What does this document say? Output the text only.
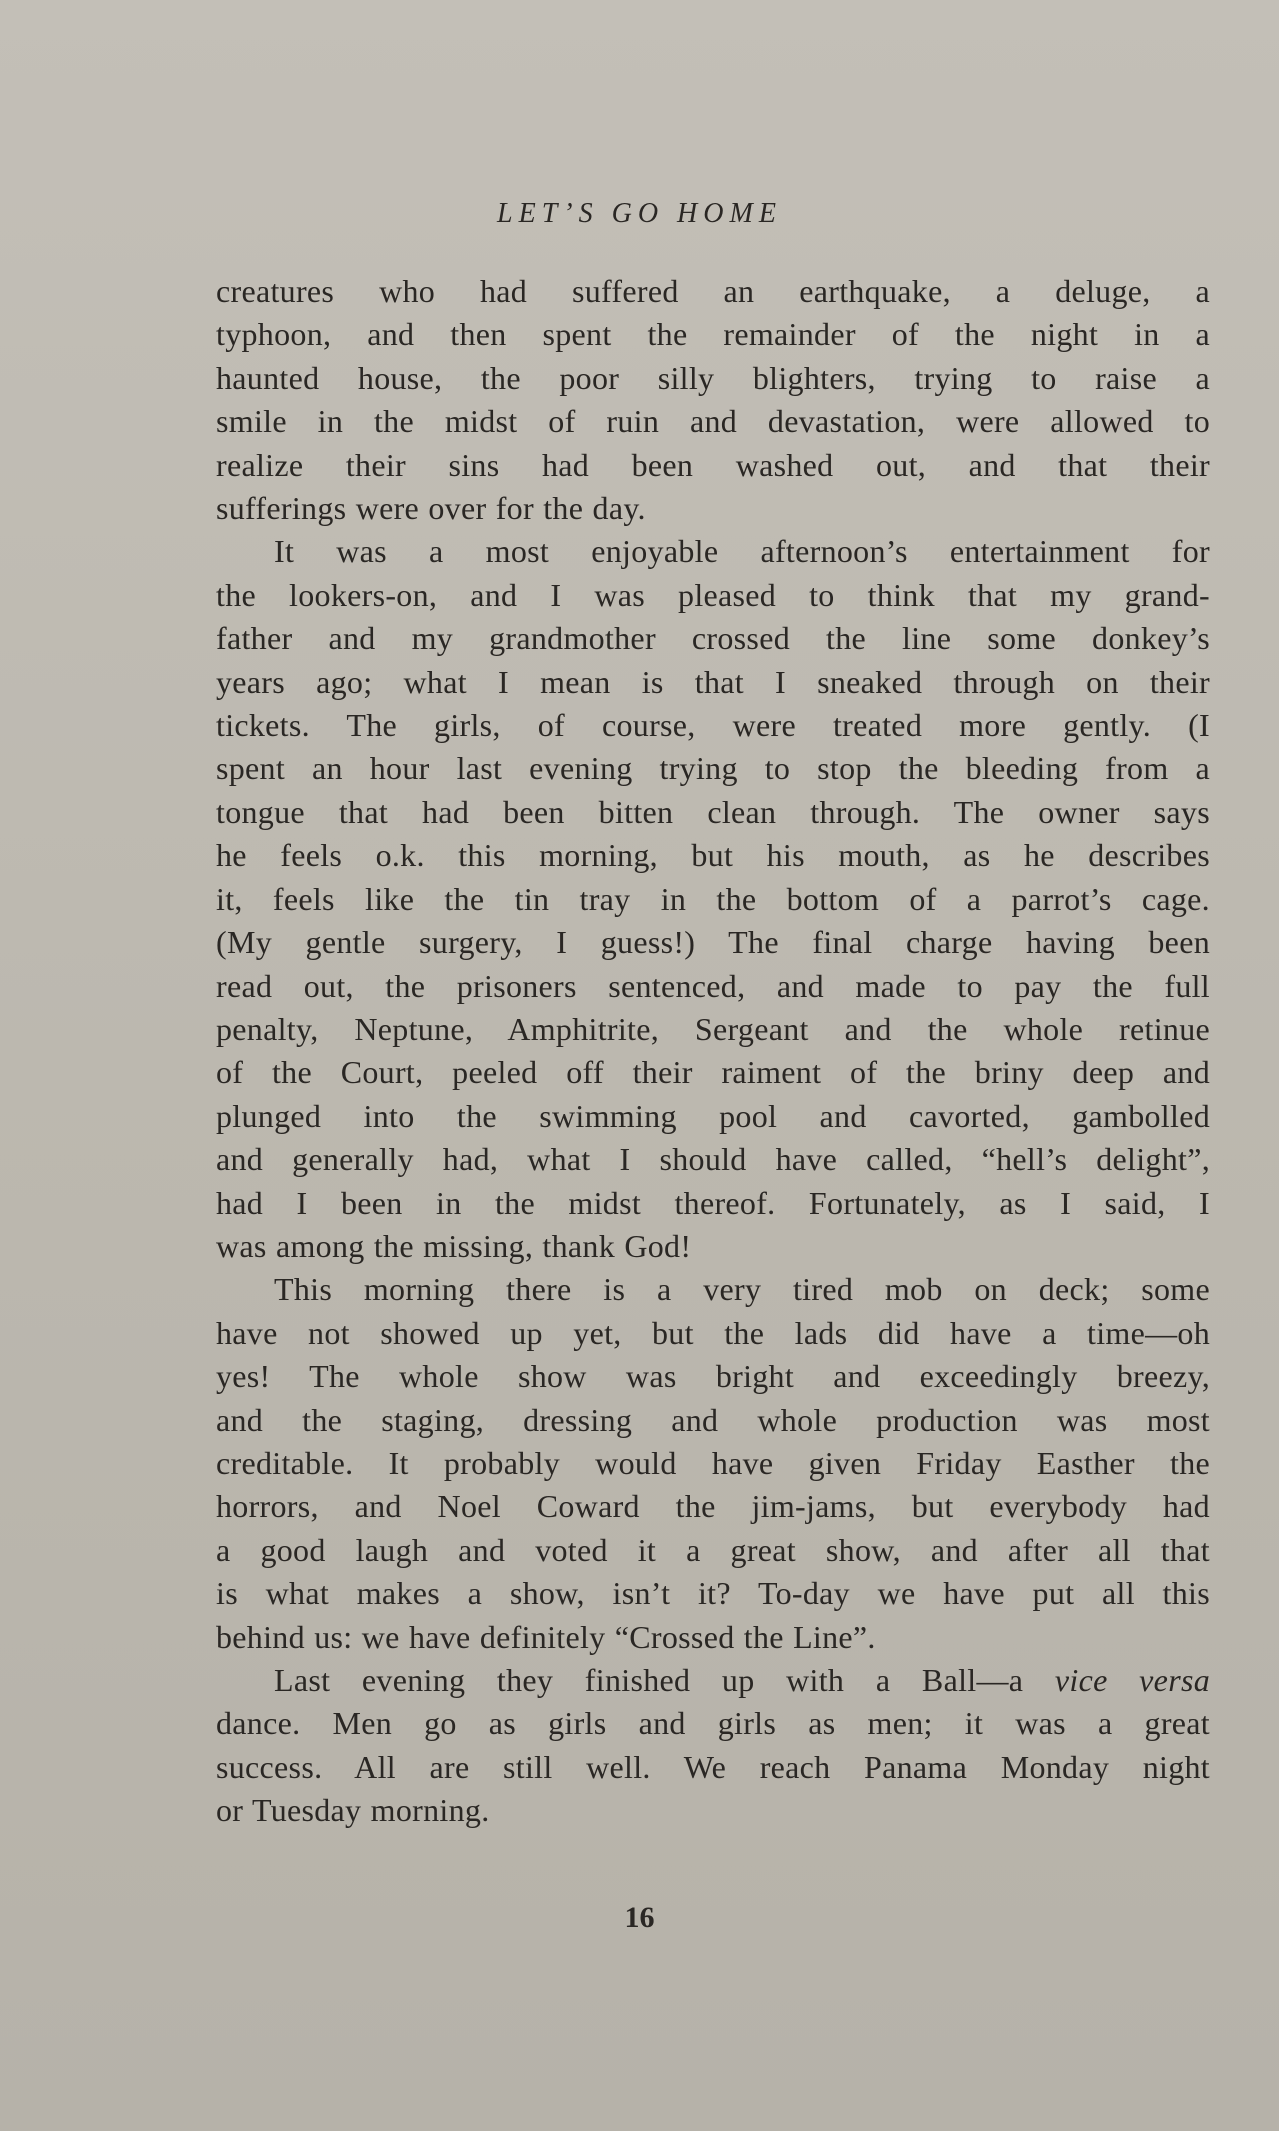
LET’S GO HOME
creatures who had suffered an earthquake, a deluge, a
typhoon, and then spent the remainder of the night in a
haunted house, the poor silly blighters, trying to raise a
smile in the midst of ruin and devastation, were allowed to
realize their sins had been washed out, and that their
sufferings were over for the day.
It was a most enjoyable afternoon’s entertainment for
the lookers-on, and I was pleased to think that my grand-
father and my grandmother crossed the line some donkey’s
years ago; what I mean is that I sneaked through on their
tickets. The girls, of course, were treated more gently. (I
spent an hour last evening trying to stop the bleeding from a
tongue that had been bitten clean through. The owner says
he feels o.k. this morning, but his mouth, as he describes
it, feels like the tin tray in the bottom of a parrot’s cage.
(My gentle surgery, I guess!) The final charge having been
read out, the prisoners sentenced, and made to pay the full
penalty, Neptune, Amphitrite, Sergeant and the whole retinue
of the Court, peeled off their raiment of the briny deep and
plunged into the swimming pool and cavorted, gambolled
and generally had, what I should have called, “hell’s delight”,
had I been in the midst thereof. Fortunately, as I said, I
was among the missing, thank God!
This morning there is a very tired mob on deck; some
have not showed up yet, but the lads did have a time—oh
yes! The whole show was bright and exceedingly breezy,
and the staging, dressing and whole production was most
creditable. It probably would have given Friday Easther the
horrors, and Noel Coward the jim-jams, but everybody had
a good laugh and voted it a great show, and after all that
is what makes a show, isn’t it? To-day we have put all this
behind us: we have definitely “Crossed the Line”.
Last evening they finished up with a Ball—a vice versa
dance. Men go as girls and girls as men; it was a great
success. All are still well. We reach Panama Monday night
or Tuesday morning.
16
